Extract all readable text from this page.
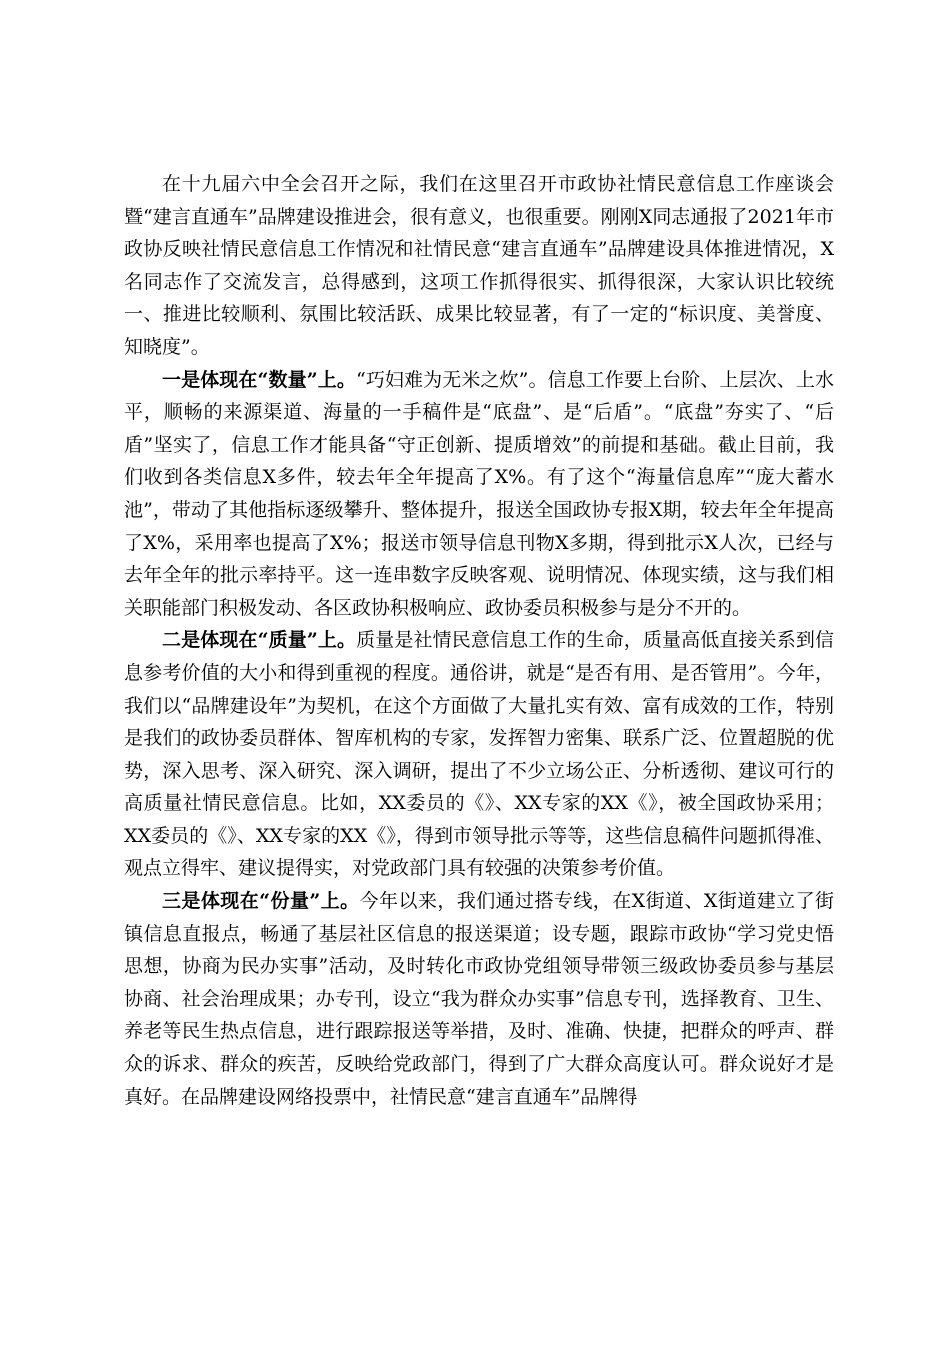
在十九届六中全会召开之际，我们在这里召开市政协社情民意信息工作座谈会暨“建言直通车”品牌建设推进会，很有意义，也很重要。刚刚X同志通报了2021年市政协反映社情民意信息工作情况和社情民意“建言直通车”品牌建设具体推进情况，X名同志作了交流发言，总得感到，这项工作抓得很实、抓得很深，大家认识比较统一、推进比较顺利、氛围比较活跃、成果比较显著，有了一定的“标识度、美誉度、知晓度”。

一是体现在“数量”上。“巧妇难为无米之炊”。信息工作要上台阶、上层次、上水平，顺畅的来源渠道、海量的一手稿件是“底盘”、是“后盾”。“底盘”夯实了、“后盾”坚实了，信息工作才能具备“守正创新、提质增效”的前提和基础。截止目前，我们收到各类信息X多件，较去年全年提高了X%。有了这个“海量信息库”“庞大蓄水池”，带动了其他指标逐级攀升、整体提升，报送全国政协专报X期，较去年全年提高了X%，采用率也提高了X%；报送市领导信息刊物X多期，得到批示X人次，已经与去年全年的批示率持平。这一连串数字反映客观、说明情况、体现实绩，这与我们相关职能部门积极发动、各区政协积极响应、政协委员积极参与是分不开的。

二是体现在“质量”上。质量是社情民意信息工作的生命，质量高低直接关系到信息参考价值的大小和得到重视的程度。通俗讲，就是“是否有用、是否管用”。今年，我们以“品牌建设年”为契机，在这个方面做了大量扎实有效、富有成效的工作，特别是我们的政协委员群体、智库机构的专家，发挥智力密集、联系广泛、位置超脱的优势，深入思考、深入研究、深入调研，提出了不少立场公正、分析透彻、建议可行的高质量社情民意信息。比如，XX委员的《》、XX专家的XX《》，被全国政协采用；XX委员的《》、XX专家的XX《》，得到市领导批示等等，这些信息稿件问题抓得准、观点立得牢、建议提得实，对党政部门具有较强的决策参考价值。

三是体现在“份量”上。今年以来，我们通过搭专线，在X街道、X街道建立了街镇信息直报点，畅通了基层社区信息的报送渠道；设专题，跟踪市政协“学习党史悟思想，协商为民办实事”活动，及时转化市政协党组领导带领三级政协委员参与基层协商、社会治理成果；办专刊，设立“我为群众办实事”信息专刊，选择教育、卫生、养老等民生热点信息，进行跟踪报送等举措，及时、准确、快捷，把群众的呼声、群众的诉求、群众的疾苦，反映给党政部门，得到了广大群众高度认可。群众说好才是真好。在品牌建设网络投票中，社情民意“建言直通车”品牌得
